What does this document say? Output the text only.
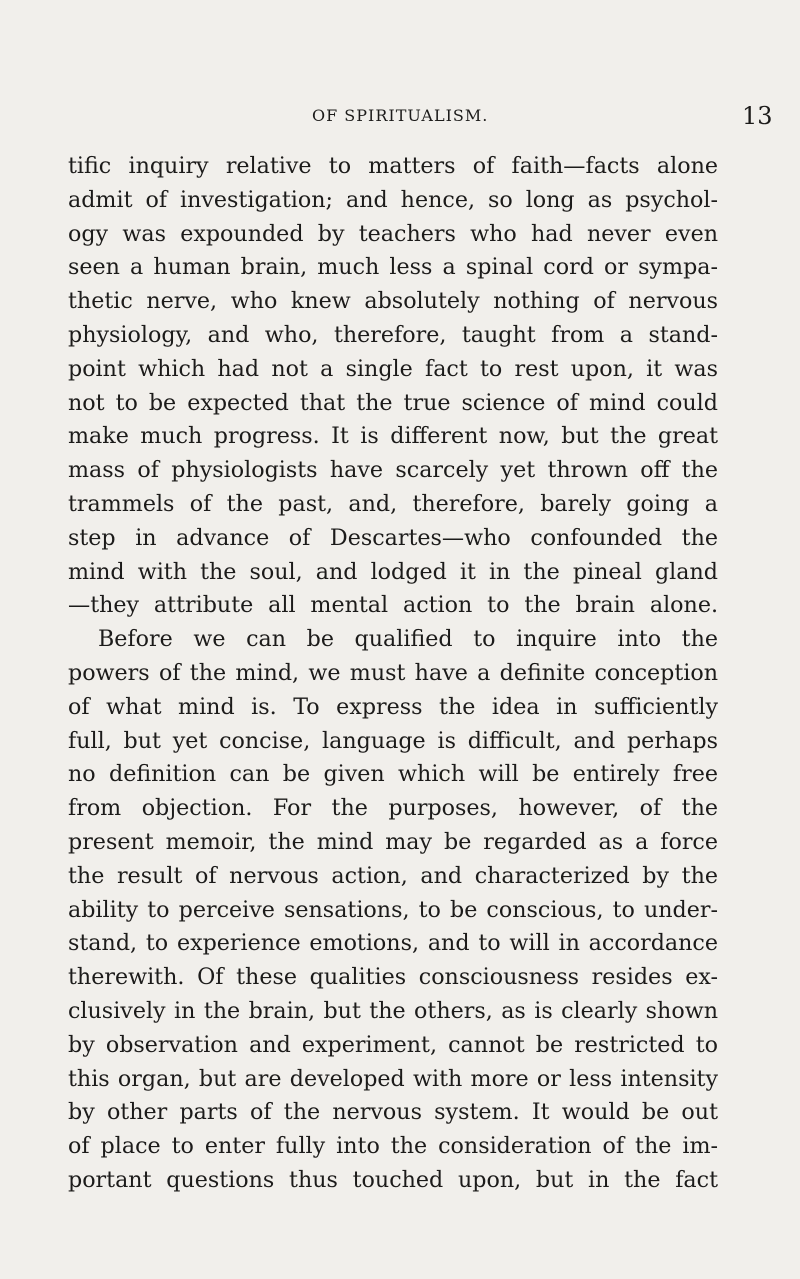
OF SPIRITUALISM.	13
tific inquiry relative to matters of faith—facts alone
admit of investigation; and hence, so long as psychol-
ogy was expounded by teachers who had never even
seen a human brain, much less a spinal cord or sympa-
thetic nerve, who knew absolutely nothing of nervous
physiology, and who, therefore, taught from a stand-
point which had not a single fact to rest upon, it was
not to be expected that the true science of mind could
make much progress. It is different now, but the great
mass of physiologists have scarcely yet thrown off the
trammels of the past, and, therefore, barely going a
step in advance of Descartes—who confounded the
mind with the soul, and lodged it in the pineal gland
—they attribute all mental action to the brain alone.
Before we can be qualified to inquire into the
powers of the mind, we must have a definite conception
of what mind is. To express the idea in sufficiently
full, but yet concise, language is difficult, and perhaps
no definition can be given which will be entirely free
from objection. For the purposes, however, of the
present memoir, the mind may be regarded as a force
the result of nervous action, and characterized by the
ability to perceive sensations, to be conscious, to under-
stand, to experience emotions, and to will in accordance
therewith. Of these qualities consciousness resides ex-
clusively in the brain, but the others, as is clearly shown
by observation and experiment, cannot be restricted to
this organ, but are developed with more or less intensity
by other parts of the nervous system. It would be out
of place to enter fully into the consideration of the im-
portant questions thus touched upon, but in the fact
